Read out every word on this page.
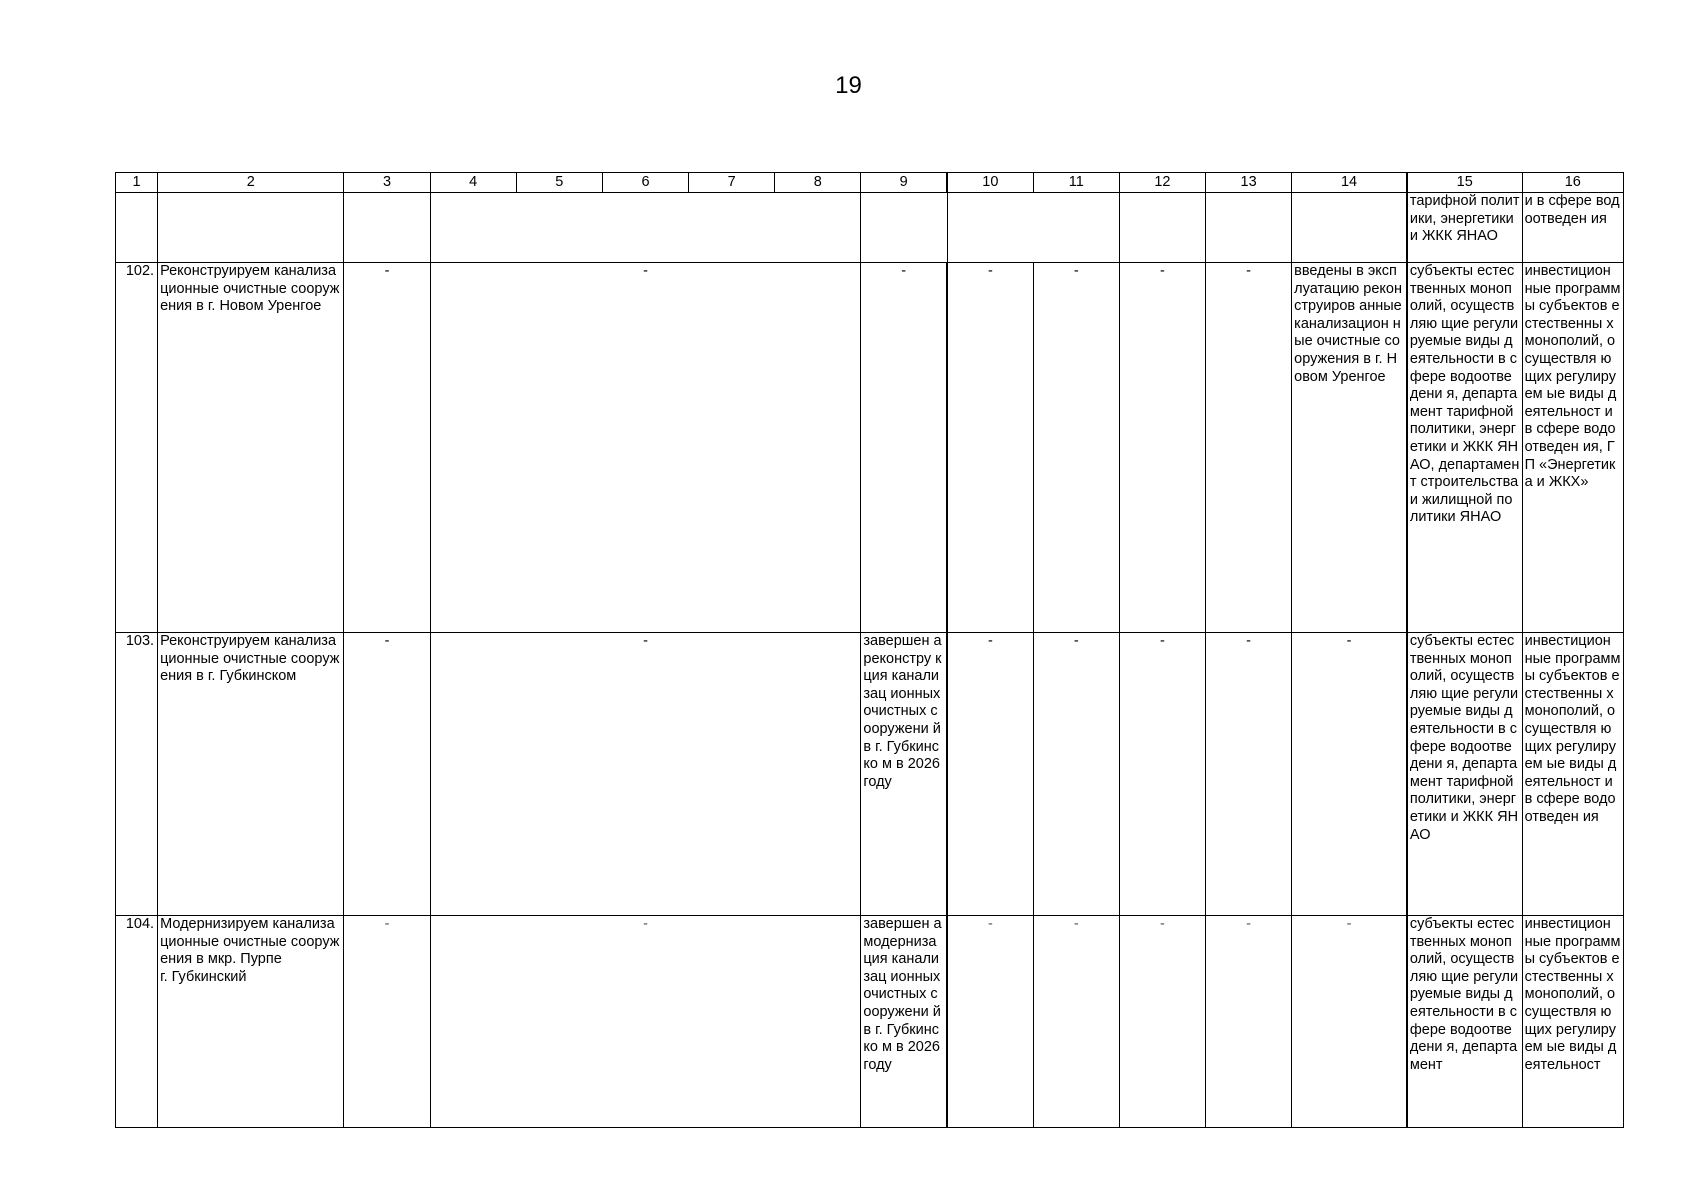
19
1	2	3	4	5	6	7	8	9	10	11	12	13	14	15	16
														тарифной политики, энергетики и ЖКК ЯНАО	и в сфере водоотведен ия
102.	Реконструируем канализационные очистные сооружения в г. Новом Уренгое	-	-					-	-	-	-	-	введены в эксплуатацию реконструиров анные канализацион ные очистные сооружения в г. Новом Уренгое	субъекты естественных монополий, осуществляю щие регулируемые виды деятельности в сфере водоотведени я, департамент тарифной политики, энергетики и ЖКК ЯНАО, департамент строительства и жилищной политики ЯНАО	инвестицион ные программы субъектов естественны х монополий, осуществля ющих регулируем ые виды деятельност и в сфере водоотведен ия, ГП «Энергетика и ЖКХ»
103.	Реконструируем канализационные очистные сооружения в г. Губкинском	-	-					завершен а реконстру кция канализац ионных очистных сооружени й в г. Губкинско м в 2026 году	-	-	-	-	-	субъекты естественных монополий, осуществляю щие регулируемые виды деятельности в сфере водоотведени я, департамент тарифной политики, энергетики и ЖКК ЯНАО	инвестицион ные программы субъектов естественны х монополий, осуществля ющих регулируем ые виды деятельност и в сфере водоотведен ия
104.	Модернизируем канализационные очистные сооружения в мкр. Пурпе
г. Губкинский	-	-					завершен а модерниза ция канализац ионных очистных сооружени й в г. Губкинско м в 2026 году	-	-	-	-	-	субъекты естественных монополий, осуществляю щие регулируемые виды деятельности в сфере водоотведени я, департамент	инвестицион ные программы субъектов естественны х монополий, осуществля ющих регулируем ые виды деятельност
